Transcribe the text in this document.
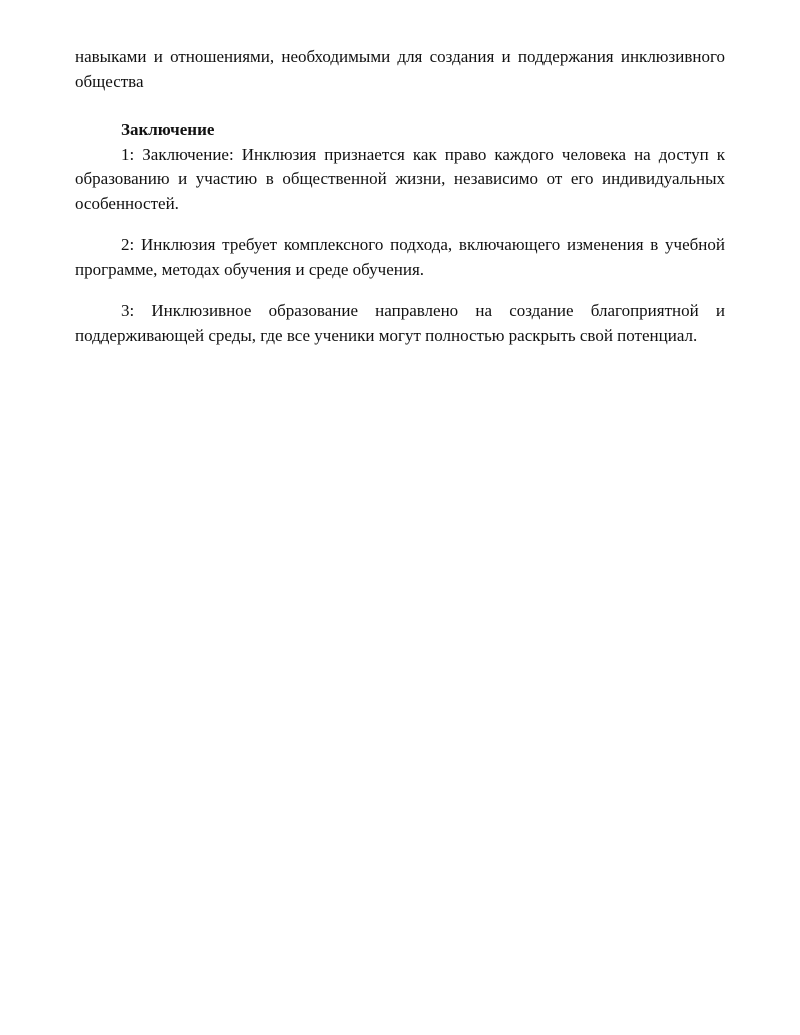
навыками и отношениями, необходимыми для создания и поддержания инклюзивного общества

Заключение

1: Заключение: Инклюзия признается как право каждого человека на доступ к образованию и участию в общественной жизни, независимо от его индивидуальных особенностей.

2: Инклюзия требует комплексного подхода, включающего изменения в учебной программе, методах обучения и среде обучения.

3: Инклюзивное образование направлено на создание благоприятной и поддерживающей среды, где все ученики могут полностью раскрыть свой потенциал.
